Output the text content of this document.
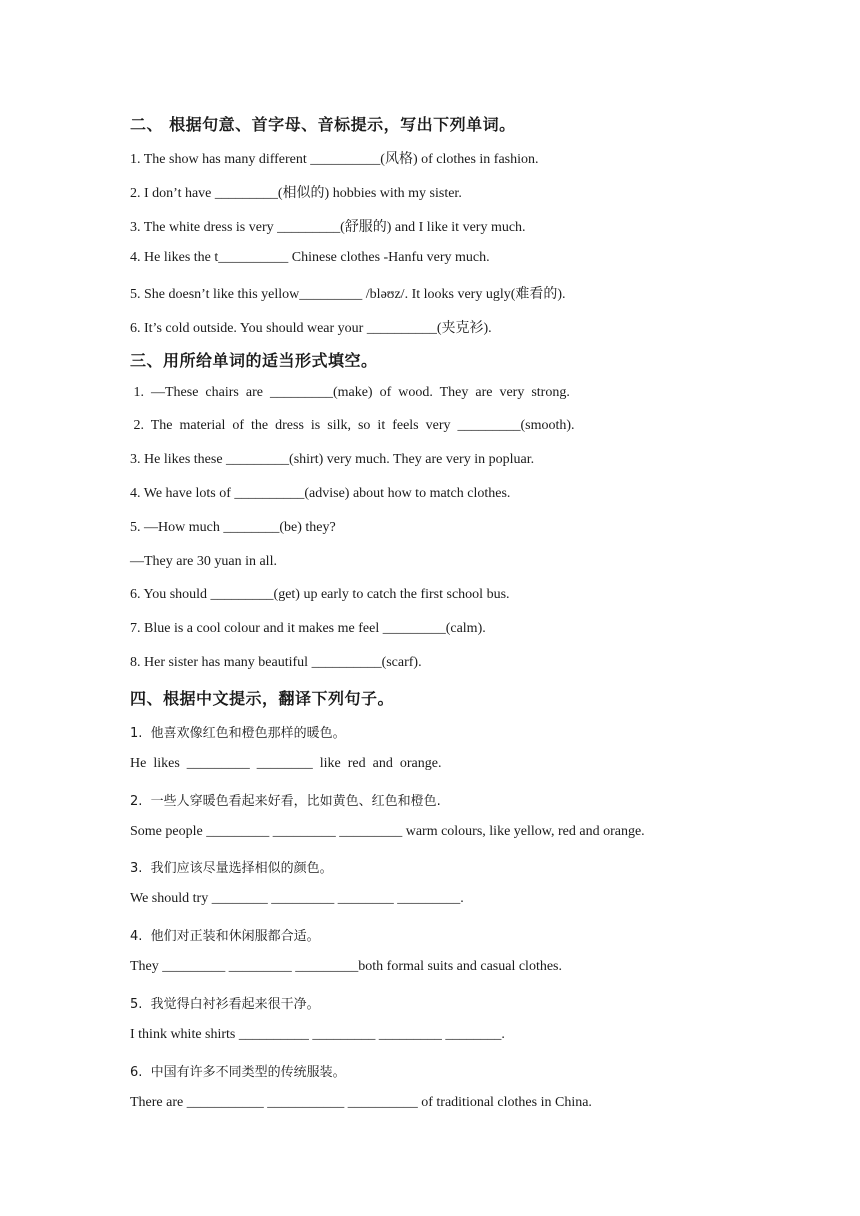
二、 根据句意、首字母、音标提示，写出下列单词。
1. The show has many different __________(风格) of clothes in fashion.
2. I don’t have _________(相似的) hobbies with my sister.
3. The white dress is very _________(舒服的) and I like it very much.
4. He likes the t__________ Chinese clothes -Hanfu very much.
5. She doesn’t like this yellow_________ /bləʊz/. It looks very ugly(难看的).
6. It’s cold outside. You should wear your __________(夹克衫).
三、用所给单词的适当形式填空。
1.  —These  chairs  are  _________(make)  of  wood.  They  are  very  strong.
2.  The  material  of  the  dress  is  silk,  so  it  feels  very  _________(smooth).
3. He likes these _________(shirt) very much. They are very in popluar.
4. We have lots of __________(advise) about how to match clothes.
5. —How much ________(be) they?
—They are 30 yuan in all.
6. You should _________(get) up early to catch the first school bus.
7. Blue is a cool colour and it makes me feel _________(calm).
8. Her sister has many beautiful __________(scarf).
四、根据中文提示，翻译下列句子。
1.  他喜欢像红色和橙色那样的暖色。
He  likes  _________  ________  like  red  and  orange.
2.  一些人穿暖色看起来好看，比如黄色、红色和橙色.
Some people _________ _________ _________ warm colours, like yellow, red and orange.
3.  我们应该尽量选择相似的颜色。
We should try ________ _________ ________ _________.
4.  他们对正装和休闲服都合适。
They _________ _________ _________both formal suits and casual clothes.
5.  我觉得白衬衫看起来很干净。
I think white shirts __________ _________ _________ ________.
6.  中国有许多不同类型的传统服装。
There are ___________ ___________ __________ of traditional clothes in China.
